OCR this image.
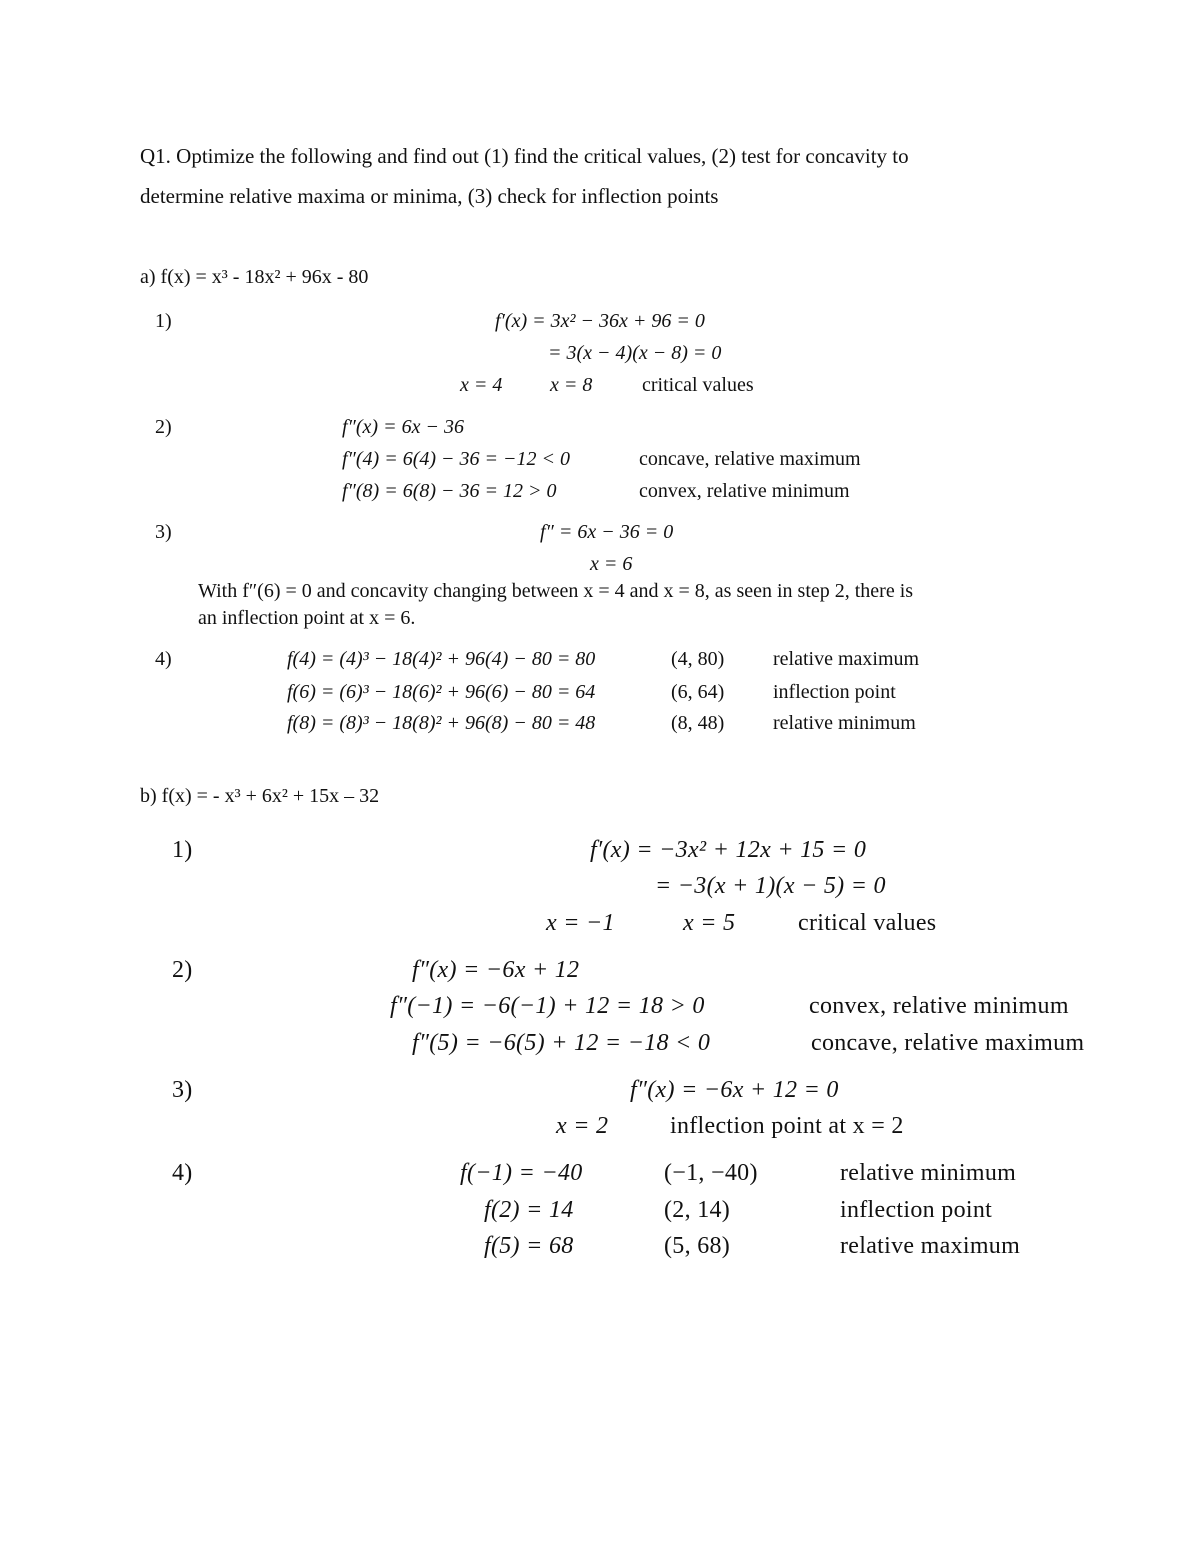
Q1. Optimize the following and find out (1) find the critical values, (2) test for concavity to
determine relative maxima or minima, (3) check for inflection points
a) f(x) = x³ - 18x² + 96x - 80
1)	f′(x) = 3x² − 36x + 96 = 0
= 3(x − 4)(x − 8) = 0
x = 4 x = 8 critical values
2)	f″(x) = 6x − 36
f″(4) = 6(4) − 36 = −12 < 0	concave, relative maximum
f″(8) = 6(8) − 36 = 12 > 0	convex, relative minimum
3)	f″ = 6x − 36 = 0
x = 6
With f″(6) = 0 and concavity changing between x = 4 and x = 8, as seen in step 2, there is
an inflection point at x = 6.
4)	f(4) = (4)³ − 18(4)² + 96(4) − 80 = 80	(4, 80) relative maximum
f(6) = (6)³ − 18(6)² + 96(6) − 80 = 64	(6, 64) inflection point
f(8) = (8)³ − 18(8)² + 96(8) − 80 = 48	(8, 48) relative minimum
b) f(x) = - x³ + 6x² + 15x – 32
1)	f′(x) = −3x² + 12x + 15 = 0
= −3(x + 1)(x − 5) = 0
x = −1	x = 5	critical values
2)	f″(x) = −6x + 12
f″(−1) = −6(−1) + 12 = 18 > 0	convex, relative minimum
f″(5) = −6(5) + 12 = −18 < 0	concave, relative maximum
3)	f″(x) = −6x + 12 = 0
x = 2	inflection point at x = 2
4)	f(−1) = −40	(−1, −40)	relative minimum
f(2) = 14	(2, 14)	inflection point
f(5) = 68	(5, 68)	relative maximum
